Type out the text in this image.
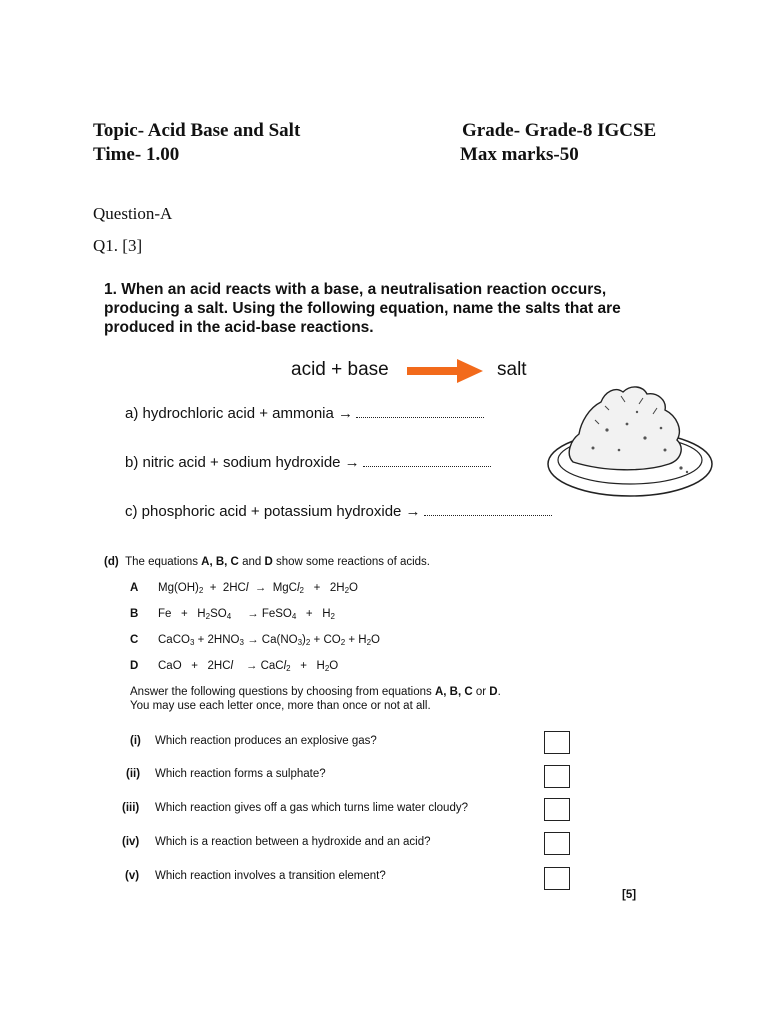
Topic- Acid Base and Salt	Grade- Grade-8 IGCSE
Time- 1.00	Max marks-50
Question-A
Q1. [3]
1. When an acid reacts with a base, a neutralisation reaction occurs, producing a salt. Using the following equation, name the salts that are produced in the acid-base reactions.
acid + base	salt
a) hydrochloric acid + ammonia →
b) nitric acid + sodium hydroxide →
c) phosphoric acid + potassium hydroxide →
(d) The equations A, B, C and D show some reactions of acids.
A $Mg(OH)_2 + 2HCl$  →  MgCl$_2$   +   $2H_2O$
B $Fe + H_2SO_4$     → FeSO$_4$   +   $H_2$
C CaCO$_3$ + $2HNO_3 \to Ca(NO_3)_2 + CO_2 + H_2O$
D CaO   +   2HCl    → CaCl$_2$   +   $H_2O$
Answer the following questions by choosing from equations A, B, C or D.
You may use each letter once, more than once or not at all.
(i) Which reaction produces an explosive gas?
(ii) Which reaction forms a sulphate?
(iii) Which reaction gives off a gas which turns lime water cloudy?
(iv) Which is a reaction between a hydroxide and an acid?
(v) Which reaction involves a transition element?
[5]
